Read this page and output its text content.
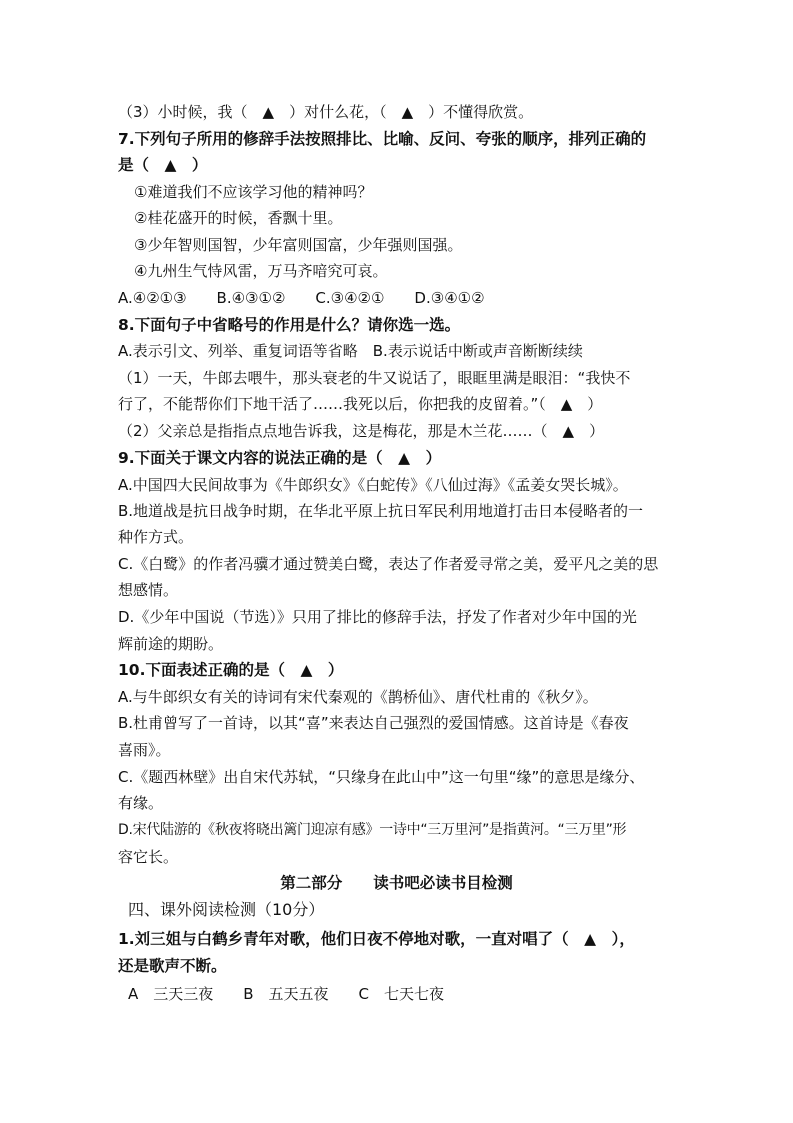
（3）小时候，我（　▲　）对什么花，（　▲　）不懂得欣赏。
7.下列句子所用的修辞手法按照排比、比喻、反问、夸张的顺序，排列正确的
是（　▲　）
①难道我们不应该学习他的精神吗？
②桂花盛开的时候，香飘十里。
③少年智则国智，少年富则国富，少年强则国强。
④九州生气恃风雷，万马齐喑究可哀。
A.④②①③　　B.④③①②　　C.③④②①　　D.③④①②
8.下面句子中省略号的作用是什么？请你选一选。
A.表示引文、列举、重复词语等省略　B.表示说话中断或声音断断续续
（1）一天，牛郎去喂牛，那头衰老的牛又说话了，眼眶里满是眼泪：“我快不
行了，不能帮你们下地干活了……我死以后，你把我的皮留着。”（　▲　）
（2）父亲总是指指点点地告诉我，这是梅花，那是木兰花……（　▲　）
9.下面关于课文内容的说法正确的是（　▲　）
A.中国四大民间故事为《牛郎织女》《白蛇传》《八仙过海》《孟姜女哭长城》。
B.地道战是抗日战争时期，在华北平原上抗日军民利用地道打击日本侵略者的一
种作方式。
C.《白鹭》的作者冯骥才通过赞美白鹭，表达了作者爱寻常之美，爱平凡之美的思
想感情。
D.《少年中国说（节选）》只用了排比的修辞手法，抒发了作者对少年中国的光
辉前途的期盼。
10.下面表述正确的是（　▲　）
A.与牛郎织女有关的诗词有宋代秦观的《鹊桥仙》、唐代杜甫的《秋夕》。
B.杜甫曾写了一首诗，以其“喜”来表达自己强烈的爱国情感。这首诗是《春夜
喜雨》。
C.《题西林壁》出自宋代苏轼，“只缘身在此山中”这一句里“缘”的意思是缘分、
有缘。
D.宋代陆游的《秋夜将晓出篱门迎凉有感》一诗中“三万里河”是指黄河。“三万里”形
容它长。
第二部分　　读书吧必读书目检测
四、课外阅读检测（10分）
1.刘三姐与白鹤乡青年对歌，他们日夜不停地对歌，一直对唱了（　▲　），
还是歌声不断。
A　三天三夜　　B　五天五夜　　C　七天七夜
